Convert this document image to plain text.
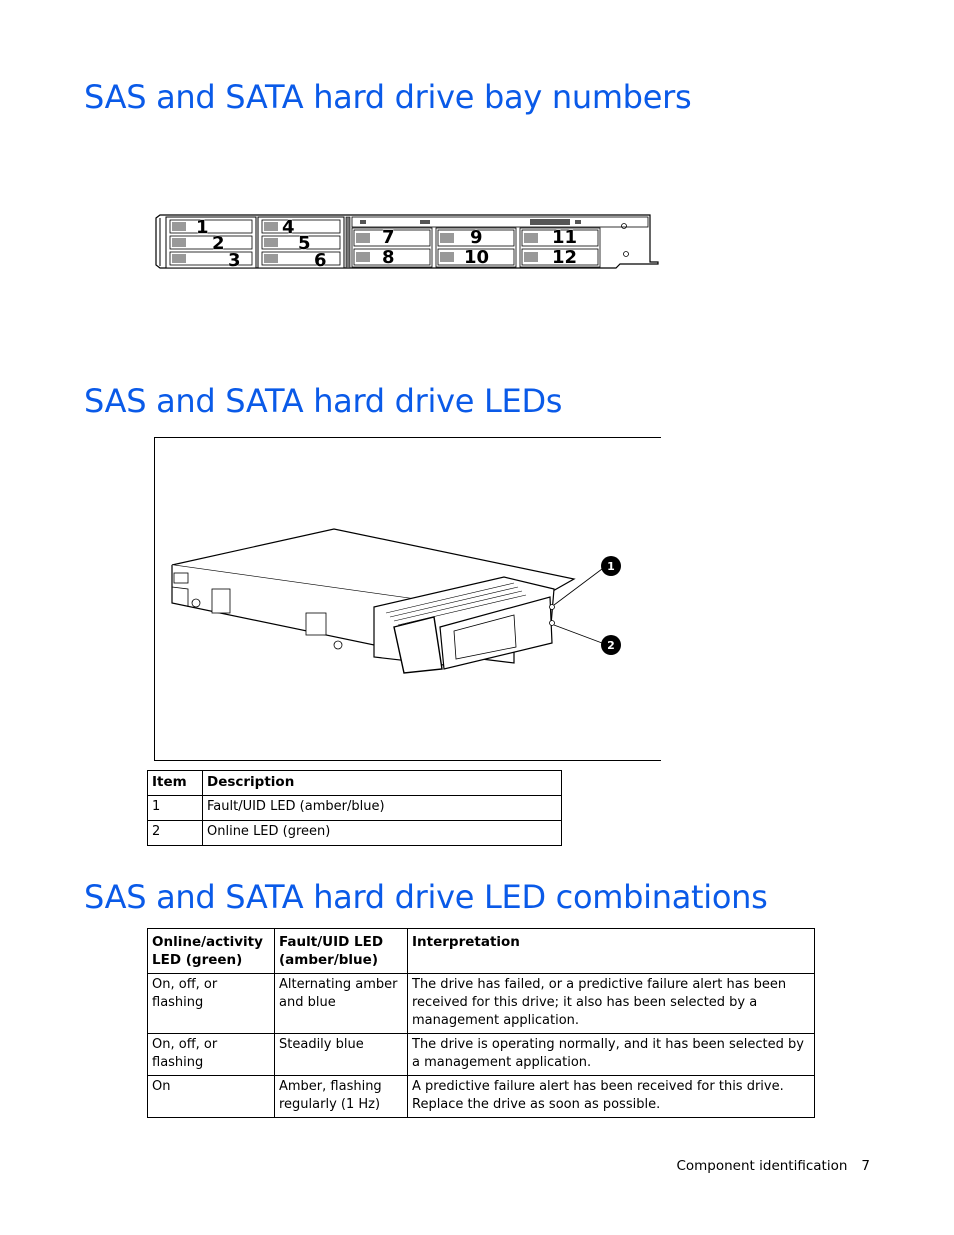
SAS and SATA hard drive bay numbers
1
2
3
4
5
6
7
8
9
10
11
12
SAS and SATA hard drive LEDs
1
2
Item	Description
1	Fault/UID LED (amber/blue)
2	Online LED (green)
SAS and SATA hard drive LED combinations
Online/activity LED (green)	Fault/UID LED (amber/blue)	Interpretation
On, off, or flashing	Alternating amber and blue	The drive has failed, or a predictive failure alert has been received for this drive; it also has been selected by a management application.
On, off, or flashing	Steadily blue	The drive is operating normally, and it has been selected by a management application.
On	Amber, flashing regularly (1 Hz)	A predictive failure alert has been received for this drive. Replace the drive as soon as possible.
Component identification 7
